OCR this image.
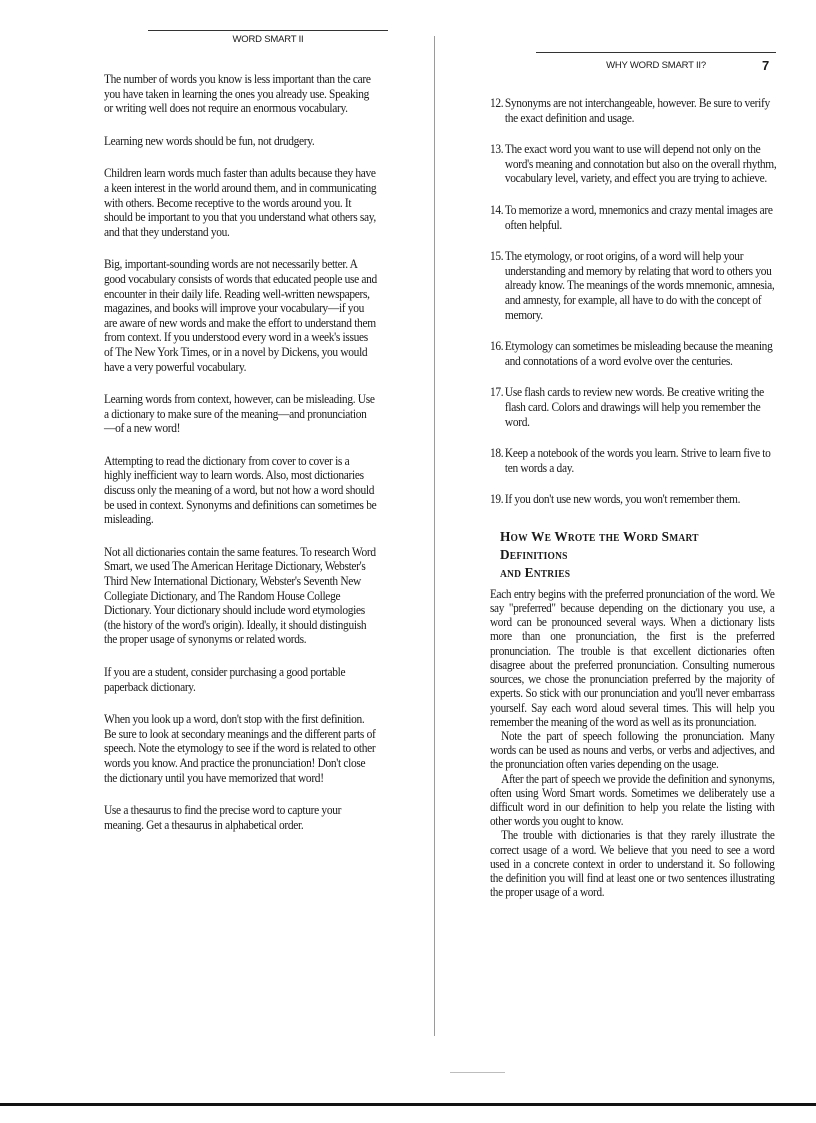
WORD SMART II

The number of words you know is less important than the care you have taken in learning the ones you already use. Speaking or writing well does not require an enormous vocabulary.

Learning new words should be fun, not drudgery.

Children learn words much faster than adults because they have a keen interest in the world around them, and in communicating with others. Become receptive to the words around you. It should be important to you that you understand what others say, and that they understand you.

Big, important-sounding words are not necessarily better. A good vocabulary consists of words that educated people use and encounter in their daily life. Reading well-written newspapers, magazines, and books will improve your vocabulary—if you are aware of new words and make the effort to understand them from context. If you understood every word in a week's issues of The New York Times, or in a novel by Dickens, you would have a very powerful vocabulary.

Learning words from context, however, can be misleading. Use a dictionary to make sure of the meaning—and pronunciation—of a new word!

Attempting to read the dictionary from cover to cover is a highly inefficient way to learn words. Also, most dictionaries discuss only the meaning of a word, but not how a word should be used in context. Synonyms and definitions can sometimes be misleading.

Not all dictionaries contain the same features. To research Word Smart, we used The American Heritage Dictionary, Webster's Third New International Dictionary, Webster's Seventh New Collegiate Dictionary, and The Random House College Dictionary. Your dictionary should include word etymologies (the history of the word's origin). Ideally, it should distinguish the proper usage of synonyms or related words.

If you are a student, consider purchasing a good portable paperback dictionary.

When you look up a word, don't stop with the first definition. Be sure to look at secondary meanings and the different parts of speech. Note the etymology to see if the word is related to other words you know. And practice the pronunciation! Don't close the dictionary until you have memorized that word!

Use a thesaurus to find the precise word to capture your meaning. Get a thesaurus in alphabetical order.

WHY WORD SMART II?	7

12. Synonyms are not interchangeable, however. Be sure to verify the exact definition and usage.

13. The exact word you want to use will depend not only on the word's meaning and connotation but also on the overall rhythm, vocabulary level, variety, and effect you are trying to achieve.

14. To memorize a word, mnemonics and crazy mental images are often helpful.

15. The etymology, or root origins, of a word will help your understanding and memory by relating that word to others you already know. The meanings of the words mnemonic, amnesia, and amnesty, for example, all have to do with the concept of memory.

16. Etymology can sometimes be misleading because the meaning and connotations of a word evolve over the centuries.

17. Use flash cards to review new words. Be creative writing the flash card. Colors and drawings will help you remember the word.

18. Keep a notebook of the words you learn. Strive to learn five to ten words a day.

19. If you don't use new words, you won't remember them.

How We Wrote the Word Smart Definitions
and Entries

Each entry begins with the preferred pronunciation of the word. We say "preferred" because depending on the dictionary you use, a word can be pronounced several ways. When a dictionary lists more than one pronunciation, the first is the preferred pronunciation. The trouble is that excellent dictionaries often disagree about the preferred pronunciation. Consulting numerous sources, we chose the pronunciation preferred by the majority of experts. So stick with our pronunciation and you'll never embarrass yourself. Say each word aloud several times. This will help you remember the meaning of the word as well as its pronunciation.

Note the part of speech following the pronunciation. Many words can be used as nouns and verbs, or verbs and adjectives, and the pronunciation often varies depending on the usage.

After the part of speech we provide the definition and synonyms, often using Word Smart words. Sometimes we deliberately use a difficult word in our definition to help you relate the listing with other words you ought to know.

The trouble with dictionaries is that they rarely illustrate the correct usage of a word. We believe that you need to see a word used in a concrete context in order to understand it. So following the definition you will find at least one or two sentences illustrating the proper usage of a word.
